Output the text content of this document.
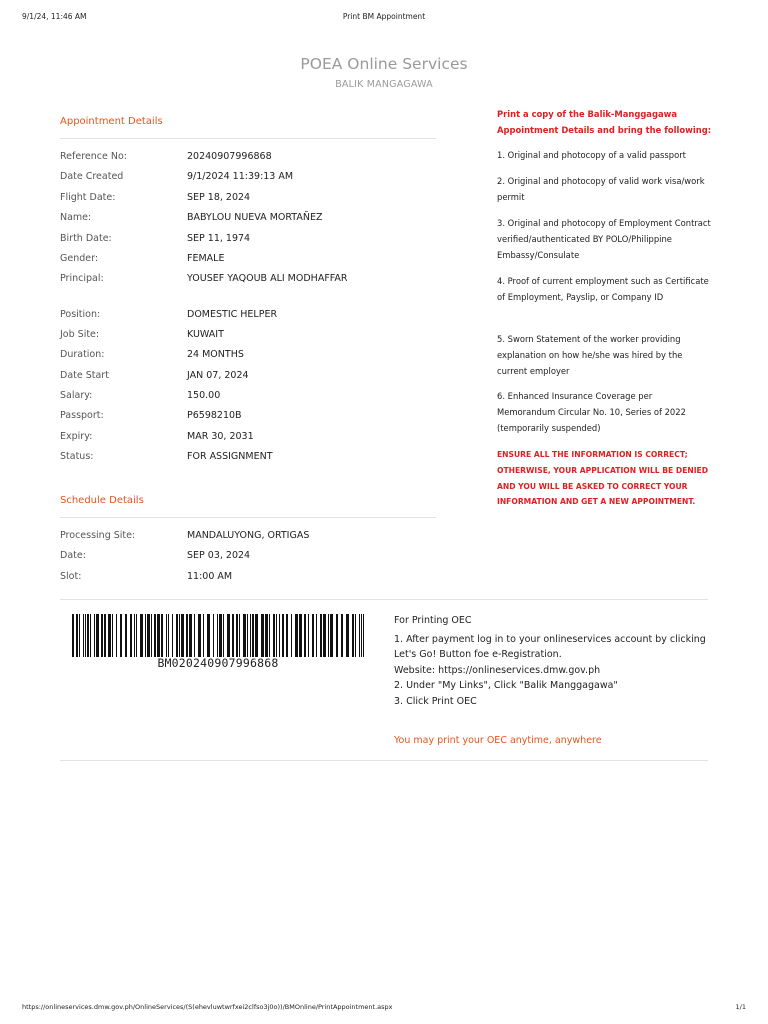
9/1/24, 11:46 AM	Print BM Appointment
https://onlineservices.dmw.gov.ph/OnlineServices/(S(ehevluwtwrfxei2clfso3j0o))/BMOnline/PrintAppointment.aspx	1/1
POEA Online Services
BALIK MANGAGAWA
Appointment Details
Reference No:	20240907996868
Date Created	9/1/2024 11:39:13 AM
Flight Date:	SEP 18, 2024
Name:	BABYLOU NUEVA MORTAÑEZ
Birth Date:	SEP 11, 1974
Gender:	FEMALE
Principal:	YOUSEF YAQOUB ALI MODHAFFAR
Position:	DOMESTIC HELPER
Job Site:	KUWAIT
Duration:	24 MONTHS
Date Start	JAN 07, 2024
Salary:	150.00
Passport:	P6598210B
Expiry:	MAR 30, 2031
Status:	FOR ASSIGNMENT
Schedule Details
Processing Site:	MANDALUYONG, ORTIGAS
Date:	SEP 03, 2024
Slot:	11:00 AM
Print a copy of the Balik-Manggagawa Appointment Details and bring the following:
1. Original and photocopy of a valid passport
2. Original and photocopy of valid work visa/work permit
3. Original and photocopy of Employment Contract verified/authenticated BY POLO/Philippine Embassy/Consulate
4. Proof of current employment such as Certificate of Employment, Payslip, or Company ID
5. Sworn Statement of the worker providing explanation on how he/she was hired by the current employer
6. Enhanced Insurance Coverage per Memorandum Circular No. 10, Series of 2022 (temporarily suspended)
ENSURE ALL THE INFORMATION IS CORRECT; OTHERWISE, YOUR APPLICATION WILL BE DENIED AND YOU WILL BE ASKED TO CORRECT YOUR INFORMATION AND GET A NEW APPOINTMENT.
BM020240907996868
For Printing OEC
1. After payment log in to your onlineservices account by clicking Let's Go! Button foe e-Registration.
Website: https://onlineservices.dmw.gov.ph
2. Under "My Links", Click "Balik Manggagawa"
3. Click Print OEC
You may print your OEC anytime, anywhere
